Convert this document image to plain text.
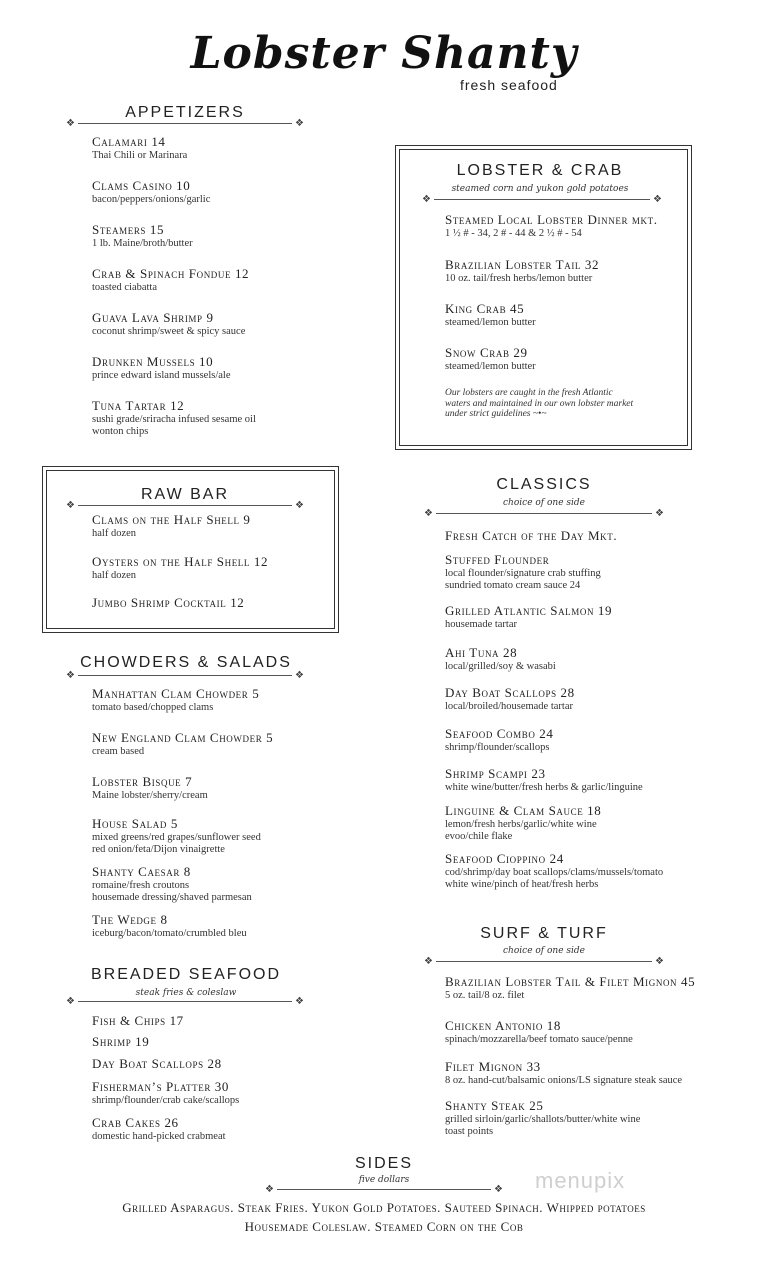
Lobster Shanty
fresh seafood
APPETIZERS
❖	❖
Calamari 14
Thai Chili or Marinara
Clams Casino 10
bacon/peppers/onions/garlic
Steamers 15
1 lb. Maine/broth/butter
Crab & Spinach Fondue 12
toasted ciabatta
Guava Lava Shrimp 9
coconut shrimp/sweet & spicy sauce
Drunken Mussels 10
prince edward island mussels/ale
Tuna Tartar 12
sushi grade/sriracha infused sesame oil
wonton chips
LOBSTER & CRAB
steamed corn and yukon gold potatoes
❖	❖
Steamed Local Lobster Dinner mkt.
1 ½ # - 34, 2 # - 44 & 2 ½ # - 54
Brazilian Lobster Tail 32
10 oz. tail/fresh herbs/lemon butter
King Crab 45
steamed/lemon butter
Snow Crab 29
steamed/lemon butter
Our lobsters are caught in the fresh Atlantic
waters and maintained in our own lobster market
under strict guidelines ~•~
RAW BAR
❖	❖
Clams on the Half Shell 9
half dozen
Oysters on the Half Shell 12
half dozen
Jumbo Shrimp Cocktail 12
CLASSICS
choice of one side
❖	❖
Fresh Catch of the Day Mkt.
Stuffed Flounder
local flounder/signature crab stuffing
sundried tomato cream sauce 24
Grilled Atlantic Salmon 19
housemade tartar
Ahi Tuna 28
local/grilled/soy & wasabi
Day Boat Scallops 28
local/broiled/housemade tartar
Seafood Combo 24
shrimp/flounder/scallops
Shrimp Scampi 23
white wine/butter/fresh herbs & garlic/linguine
Linguine & Clam Sauce 18
lemon/fresh herbs/garlic/white wine
evoo/chile flake
Seafood Cioppino 24
cod/shrimp/day boat scallops/clams/mussels/tomato
white wine/pinch of heat/fresh herbs
CHOWDERS & SALADS
❖	❖
Manhattan Clam Chowder 5
tomato based/chopped clams
New England Clam Chowder 5
cream based
Lobster Bisque 7
Maine lobster/sherry/cream
House Salad 5
mixed greens/red grapes/sunflower seed
red onion/feta/Dijon vinaigrette
Shanty Caesar 8
romaine/fresh croutons
housemade dressing/shaved parmesan
The Wedge 8
iceburg/bacon/tomato/crumbled bleu	SURF & TURF
choice of one side
❖	❖
Brazilian Lobster Tail & Filet Mignon 45
5 oz. tail/8 oz. filet
Chicken Antonio 18
spinach/mozzarella/beef tomato sauce/penne
Filet Mignon 33
8 oz. hand-cut/balsamic onions/LS signature steak sauce
Shanty Steak 25
grilled sirloin/garlic/shallots/butter/white wine
toast points
BREADED SEAFOOD
steak fries & coleslaw
❖	❖
Fish & Chips 17
Shrimp 19
Day Boat Scallops 28
Fisherman’s Platter 30
shrimp/flounder/crab cake/scallops
Crab Cakes 26
domestic hand-picked crabmeat
SIDES
five dollars
❖	❖
Grilled Asparagus. Steak Fries. Yukon Gold Potatoes. Sauteed Spinach. Whipped potatoes
Housemade Coleslaw. Steamed Corn on the Cob
menupix
